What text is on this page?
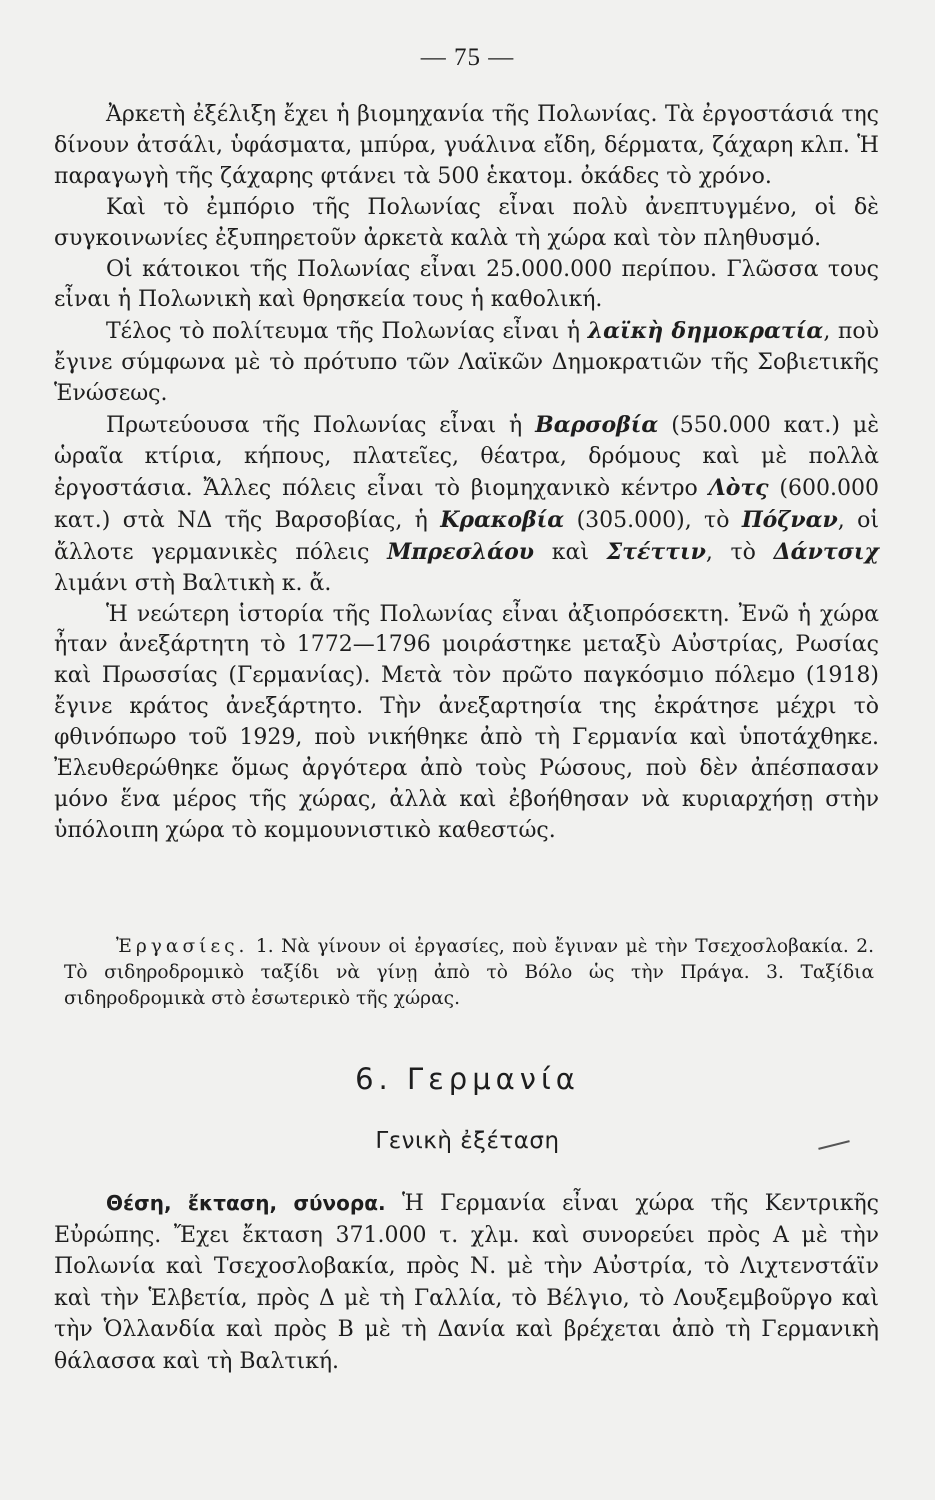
— 75 —

Ἀρκετὴ ἐξέλιξη ἔχει ἡ βιομηχανία τῆς Πολωνίας. Τὰ ἐργοστάσιά της δίνουν ἀτσάλι, ὑφάσματα, μπύρα, γυάλινα εἴδη, δέρματα, ζάχαρη κλπ. Ἡ παραγωγὴ τῆς ζάχαρης φτάνει τὰ 500 ἑκατομ. ὀκάδες τὸ χρόνο.

Καὶ τὸ ἐμπόριο τῆς Πολωνίας εἶναι πολὺ ἀνεπτυγμένο, οἱ δὲ συγκοινωνίες ἐξυπηρετοῦν ἀρκετὰ καλὰ τὴ χώρα καὶ τὸν πληθυσμό.

Οἱ κάτοικοι τῆς Πολωνίας εἶναι 25.000.000 περίπου. Γλῶσσα τους εἶναι ἡ Πολωνικὴ καὶ θρησκεία τους ἡ καθολική.

Τέλος τὸ πολίτευμα τῆς Πολωνίας εἶναι ἡ λαϊκὴ δημοκρατία, ποὺ ἔγινε σύμφωνα μὲ τὸ πρότυπο τῶν Λαϊκῶν Δημοκρατιῶν τῆς Σοβιετικῆς Ἑνώσεως.

Πρωτεύουσα τῆς Πολωνίας εἶναι ἡ Βαρσοβία (550.000 κατ.) μὲ ὡραῖα κτίρια, κήπους, πλατεῖες, θέατρα, δρόμους καὶ μὲ πολλὰ ἐργοστάσια. Ἄλλες πόλεις εἶναι τὸ βιομηχανικὸ κέντρο Λὸτς (600.000 κατ.) στὰ ΝΔ τῆς Βαρσοβίας, ἡ Κρακοβία (305.000), τὸ Πόζναν, οἱ ἄλλοτε γερμανικὲς πόλεις Μπρεσλάου καὶ Στέττιν, τὸ Δάντσιχ λιμάνι στὴ Βαλτικὴ κ. ἄ.

Ἡ νεώτερη ἱστορία τῆς Πολωνίας εἶναι ἀξιοπρόσεκτη. Ἐνῶ ἡ χώρα ἦταν ἀνεξάρτητη τὸ 1772—1796 μοιράστηκε μεταξὺ Αὐστρίας, Ρωσίας καὶ Πρωσσίας (Γερμανίας). Μετὰ τὸν πρῶτο παγκόσμιο πόλεμο (1918) ἔγινε κράτος ἀνεξάρτητο. Τὴν ἀνεξαρτησία της ἐκράτησε μέχρι τὸ φθινόπωρο τοῦ 1929, ποὺ νικήθηκε ἀπὸ τὴ Γερμανία καὶ ὑποτάχθηκε. Ἐλευθερώθηκε ὅμως ἀργότερα ἀπὸ τοὺς Ρώσους, ποὺ δὲν ἀπέσπασαν μόνο ἕνα μέρος τῆς χώρας, ἀλλὰ καὶ ἐβοήθησαν νὰ κυριαρχήσῃ στὴν ὑπόλοιπη χώρα τὸ κομμουνιστικὸ καθεστώς.

Ἐργασίες. 1. Νὰ γίνουν οἱ ἐργασίες, ποὺ ἔγιναν μὲ τὴν Τσεχοσλοβακία. 2. Τὸ σιδηροδρομικὸ ταξίδι νὰ γίνῃ ἀπὸ τὸ Βόλο ὡς τὴν Πράγα. 3. Ταξίδια σιδηροδρομικὰ στὸ ἐσωτερικὸ τῆς χώρας.

6. Γερμανία
Γενικὴ ἐξέταση

Θέση, ἔκταση, σύνορα. Ἡ Γερμανία εἶναι χώρα τῆς Κεντρικῆς Εὐρώπης. Ἔχει ἔκταση 371.000 τ. χλμ. καὶ συνορεύει πρὸς Α μὲ τὴν Πολωνία καὶ Τσεχοσλοβακία, πρὸς Ν. μὲ τὴν Αὐστρία, τὸ Λιχτενστάϊν καὶ τὴν Ἑλβετία, πρὸς Δ μὲ τὴ Γαλλία, τὸ Βέλγιο, τὸ Λουξεμβοῦργο καὶ τὴν Ὁλλανδία καὶ πρὸς Β μὲ τὴ Δανία καὶ βρέχεται ἀπὸ τὴ Γερμανικὴ θάλασσα καὶ τὴ Βαλτική.
